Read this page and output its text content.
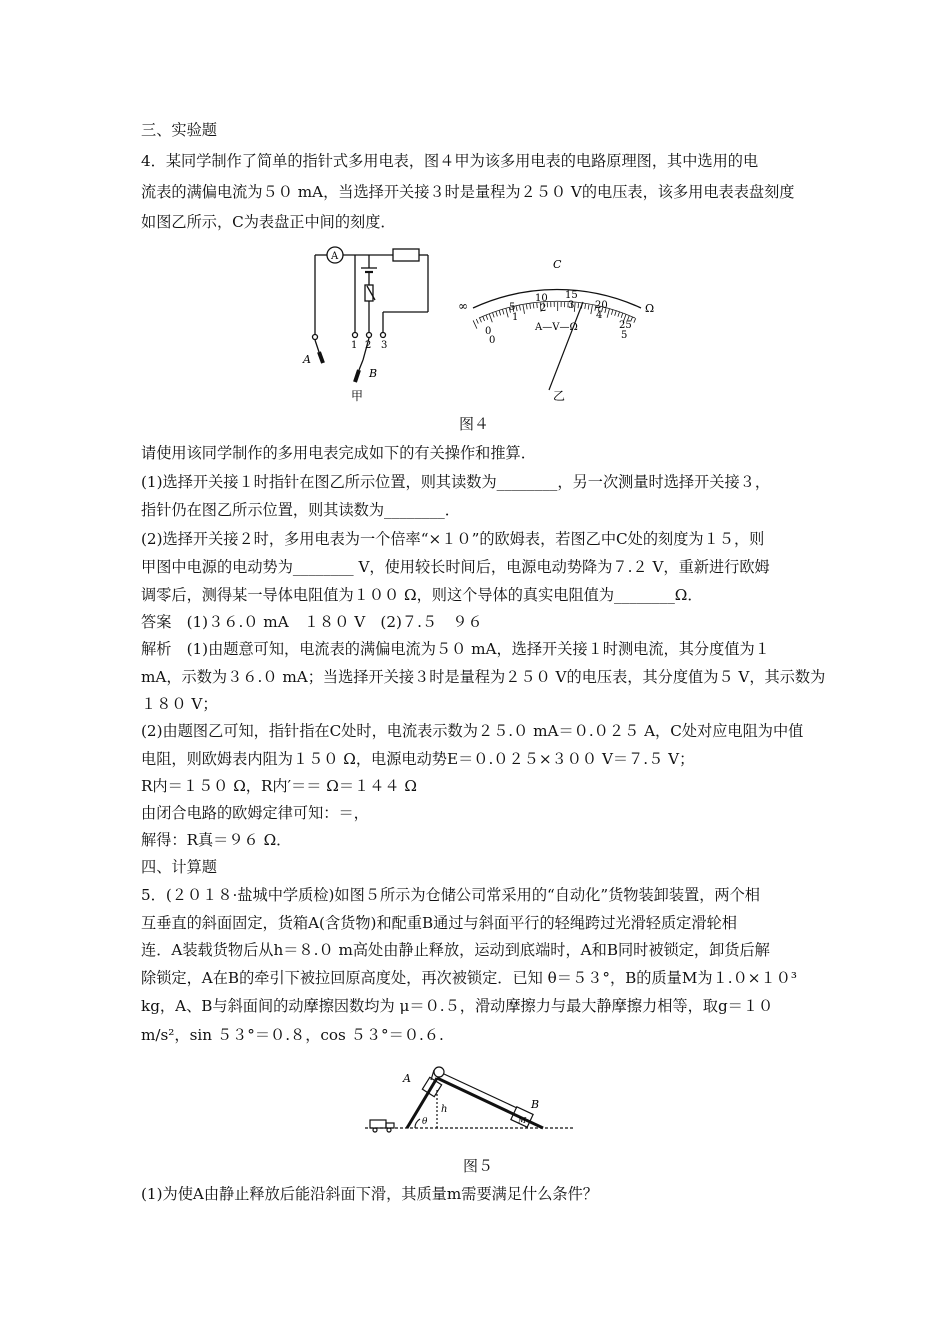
三、实验题
4．某同学制作了简单的指针式多用电表，图４甲为该多用电表的电路原理图，其中选用的电
流表的满偏电流为５０ mA，当选择开关接３时是量程为２５０ V的电压表，该多用电表表盘刻度
如图乙所示，C为表盘正中间的刻度．
A
1 2 3
A
B
甲
C
∞	Ω
0
5
10 15
20
25
1
2 3
4
5
0
A—V—Ω
乙
图４
请使用该同学制作的多用电表完成如下的有关操作和推算．
(1)选择开关接１时指针在图乙所示位置，则其读数为________，另一次测量时选择开关接３，
指针仍在图乙所示位置，则其读数为________．
(2)选择开关接２时，多用电表为一个倍率“×１０”的欧姆表，若图乙中C处的刻度为１５，则
甲图中电源的电动势为________ V，使用较长时间后，电源电动势降为７.２ V，重新进行欧姆
调零后，测得某一导体电阻值为１００ Ω，则这个导体的真实电阻值为________Ω．
答案　(1)３６.０ mA　１８０ V　(2)７.５　９６
解析　(1)由题意可知，电流表的满偏电流为５０ mA，选择开关接１时测电流，其分度值为１
mA，示数为３６.０ mA；当选择开关接３时是量程为２５０ V的电压表，其分度值为５ V，其示数为
１８０ V；
(2)由题图乙可知，指针指在C处时，电流表示数为２５.０ mA＝０.０２５ A，C处对应电阻为中值
电阻，则欧姆表内阻为１５０ Ω，电源电动势E＝０.０２５×３００ V＝７.５ V；
R内＝１５０ Ω，R内′＝＝ Ω＝１４４ Ω
由闭合电路的欧姆定律可知：＝，
解得：R真＝９６ Ω．
四、计算题
5．(２０１８·盐城中学质检)如图５所示为仓储公司常采用的“自动化”货物装卸装置，两个相
互垂直的斜面固定，货箱A(含货物)和配重B通过与斜面平行的轻绳跨过光滑轻质定滑轮相
连．A装载货物后从h＝８.０ m高处由静止释放，运动到底端时，A和B同时被锁定，卸货后解
除锁定，A在B的牵引下被拉回原高度处，再次被锁定．已知 θ＝５３°，B的质量M为１.０×１０³
kg，A、B与斜面间的动摩擦因数均为 μ＝０.５，滑动摩擦力与最大静摩擦力相等，取g＝１０
m/s²，sin ５３°＝０.８，cos ５３°＝０.６.
A
B
M
h
θ
图５
(1)为使A由静止释放后能沿斜面下滑，其质量m需要满足什么条件？
